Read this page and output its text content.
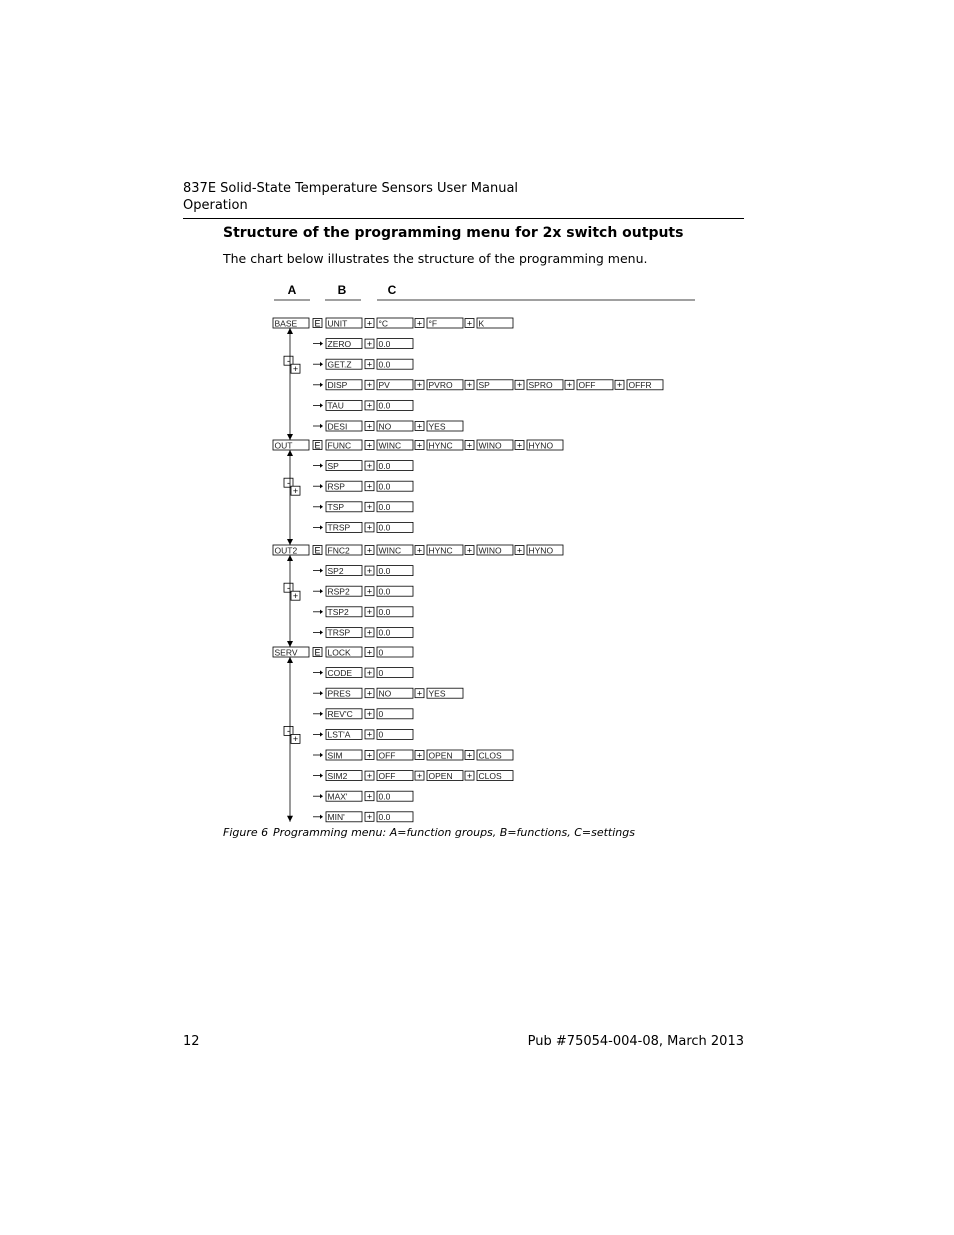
837E Solid-State Temperature Sensors User Manual
Operation
Structure of the programming menu for 2x switch outputs
The chart below illustrates the structure of the programming menu.
A	B	C
BASE E UNIT + °C	+ °F	+ K
ZERO + 0.0
GET.Z + 0.0
DISP + PV	+ PVRO + SP	+ SPRO + OFF + OFFR
TAU	+ 0.0
DESI + NO	+ YES
-
+
OUT E FUNC + WINC + HYNC + WINO + HYNO
SP	+ 0.0
RSP + 0.0
TSP	+ 0.0
TRSP + 0.0
-
+
OUT2 E FNC2 + WINC + HYNC + WINO + HYNO
SP2	+ 0.0
RSP2 + 0.0
TSP2 + 0.0
TRSP + 0.0
-
+
SERV E LOCK + 0
CODE + 0
PRES + NO	+ YES
REV'C + 0
LST'A + 0
SIM	+ OFF + OPEN + CLOS
SIM2 + OFF + OPEN + CLOS
MAX' + 0.0
MIN' + 0.0
-
+
Figure 6 Programming menu: A=function groups, B=functions, C=settings
12	Pub #75054-004-08, March 2013
